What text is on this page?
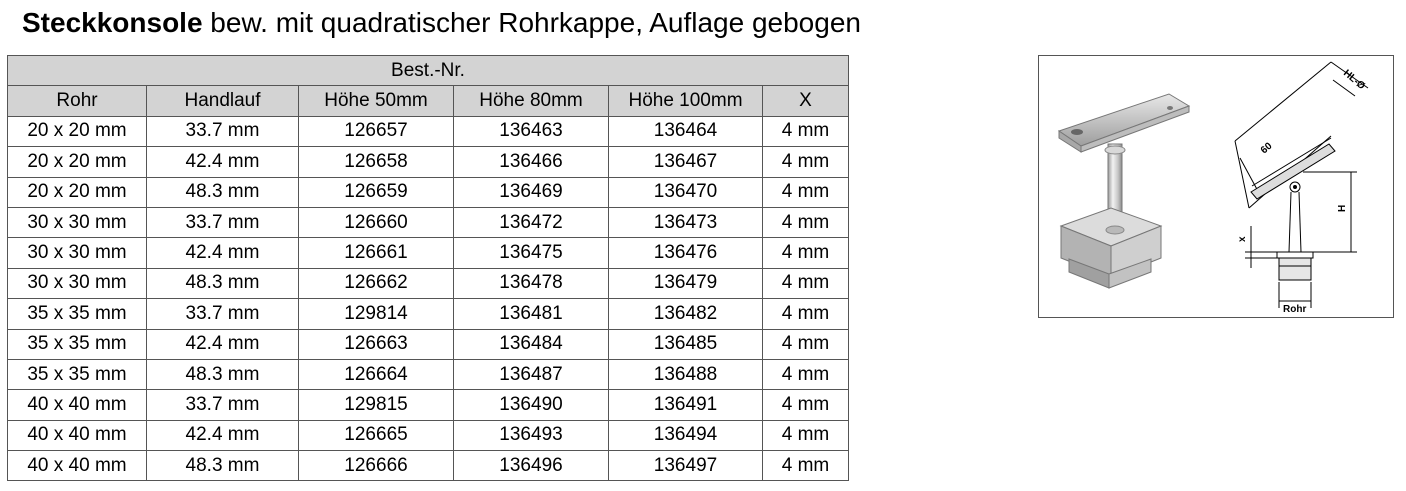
Steckkonsole bew. mit quadratischer Rohrkappe, Auflage gebogen
Best.-Nr.					
Rohr	Handlauf	Höhe 50mm	Höhe 80mm	Höhe 100mm	X
20 x 20 mm	33.7 mm	126657	136463	136464	4 mm
20 x 20 mm	42.4 mm	126658	136466	136467	4 mm
20 x 20 mm	48.3 mm	126659	136469	136470	4 mm
30 x 30 mm	33.7 mm	126660	136472	136473	4 mm
30 x 30 mm	42.4 mm	126661	136475	136476	4 mm
30 x 30 mm	48.3 mm	126662	136478	136479	4 mm
35 x 35 mm	33.7 mm	129814	136481	136482	4 mm
35 x 35 mm	42.4 mm	126663	136484	136485	4 mm
35 x 35 mm	48.3 mm	126664	136487	136488	4 mm
40 x 40 mm	33.7 mm	129815	136490	136491	4 mm
40 x 40 mm	42.4 mm	126665	136493	136494	4 mm
40 x 40 mm	48.3 mm	126666	136496	136497	4 mm
HL-Ø
60
H
x
Rohr
